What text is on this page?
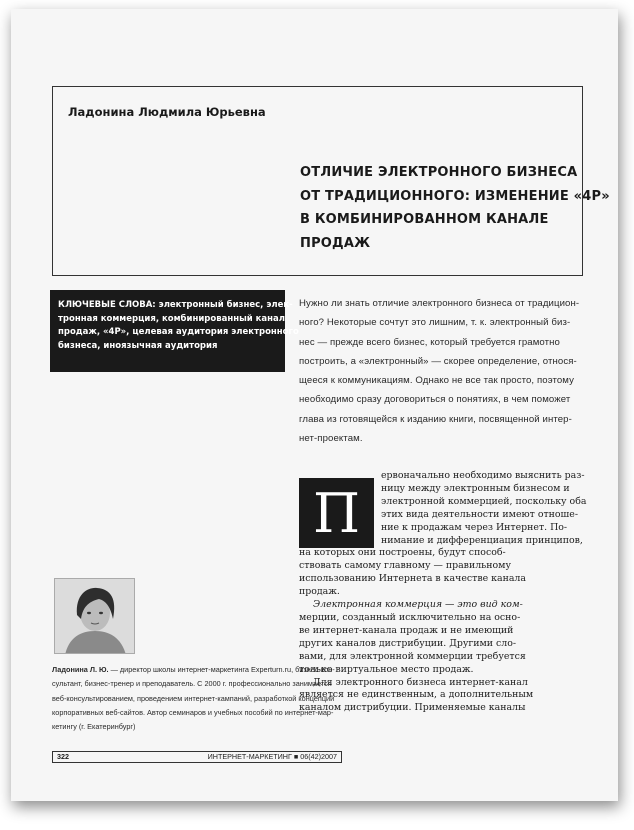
Ладонина Людмила Юрьевна
ОТЛИЧИЕ ЭЛЕКТРОННОГО БИЗНЕСА
ОТ ТРАДИЦИОННОГО: ИЗМЕНЕНИЕ «4P»
В КОМБИНИРОВАННОМ КАНАЛЕ
ПРОДАЖ
КЛЮЧЕВЫЕ СЛОВА: электронный бизнес, элек-
тронная коммерция, комбинированный канал
продаж, «4P», целевая аудитория электронного
бизнеса, иноязычная аудитория
Нужно ли знать отличие электронного бизнеса от традицион-
ного? Некоторые сочтут это лишним, т. к. электронный биз-
нес — прежде всего бизнес, который требуется грамотно
построить, а «электронный» — скорее определение, относя-
щееся к коммуникациям. Однако не все так просто, поэтому
необходимо сразу договориться о понятиях, в чем поможет
глава из готовящейся к изданию книги, посвященной интер-
нет-проектам.
П
ервоначально необходимо выяснить раз-
ницу между электронным бизнесом и
электронной коммерцией, поскольку оба
этих вида деятельности имеют отноше-
ние к продажам через Интернет. По-
нимание и дифференциация принципов,
на которых они построены, будут способ-
ствовать самому главному — правильному
использованию Интернета в качестве канала
продаж.
Электронная коммерция — это вид ком-
мерции, созданный исключительно на осно-
ве интернет-канала продаж и не имеющий
других каналов дистрибуции. Другими сло-
вами, для электронной коммерции требуется
только виртуальное место продаж.
Для электронного бизнеса интернет-канал
является не единственным, а дополнительным
каналом дистрибуции. Применяемые каналы
Ладонина Л. Ю. — директор школы интернет-маркетинга Experturn.ru, бизнес-кон-
сультант, бизнес-тренер и преподаватель. С 2000 г. профессионально занимается
веб-консультированием, проведением интернет-кампаний, разработкой концепций
корпоративных веб-сайтов. Автор семинаров и учебных пособий по интернет-мар-
кетингу (г. Екатеринбург)
322	ИНТЕРНЕТ-МАРКЕТИНГ ■ 06(42)2007
